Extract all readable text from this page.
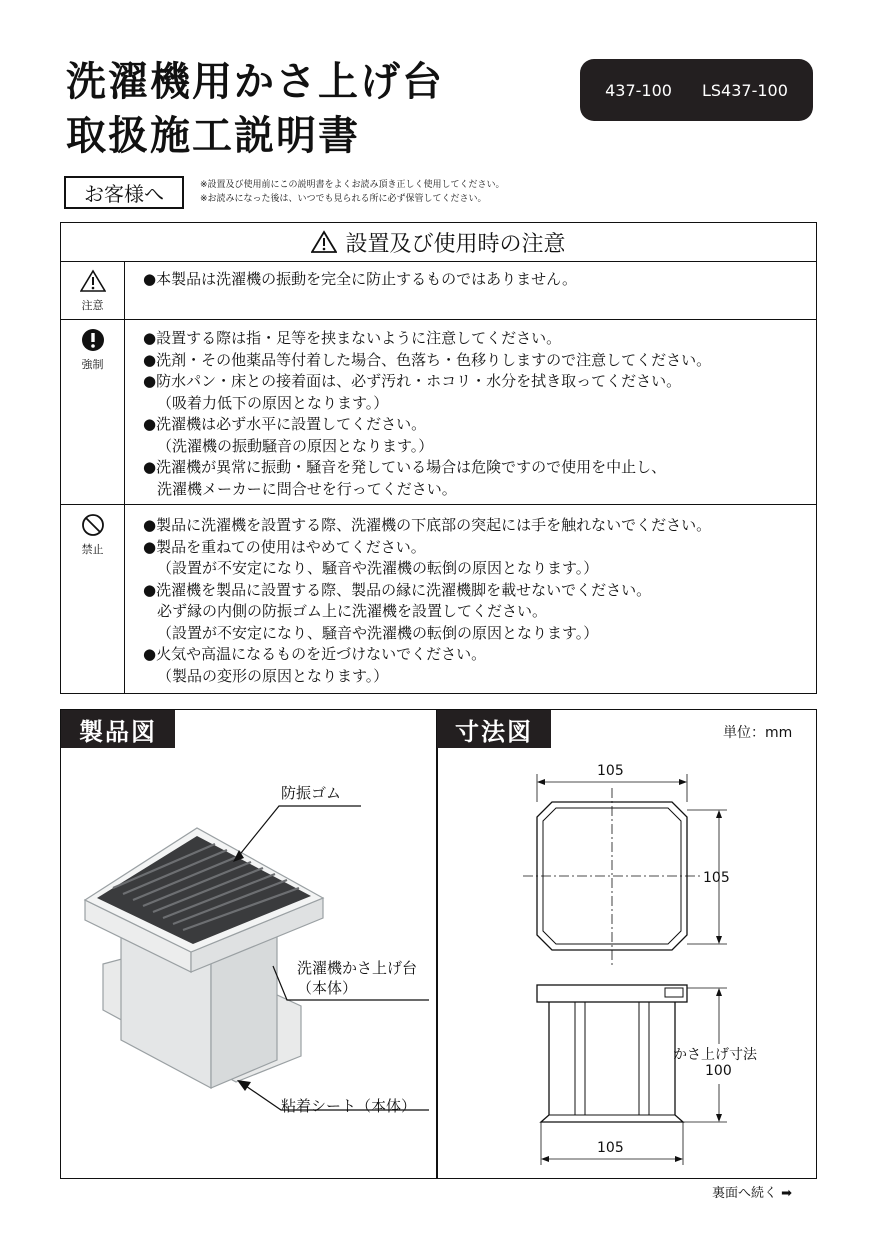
洗濯機用かさ上げ台
取扱施工説明書
437-100 LS437-100
お客様へ	※設置及び使用前にこの説明書をよくお読み頂き正しく使用してください。
※お読みになった後は、いつでも見られる所に必ず保管してください。
設置及び使用時の注意
注意
●本製品は洗濯機の振動を完全に防止するものではありません。
強制
●設置する際は指・足等を挟まないように注意してください。
●洗剤・その他薬品等付着した場合、色落ち・色移りしますので注意してください。
●防水パン・床との接着面は、必ず汚れ・ホコリ・水分を拭き取ってください。
（吸着力低下の原因となります。）
●洗濯機は必ず水平に設置してください。
（洗濯機の振動騒音の原因となります。）
●洗濯機が異常に振動・騒音を発している場合は危険ですので使用を中止し、
洗濯機メーカーに問合せを行ってください。
禁止
●製品に洗濯機を設置する際、洗濯機の下底部の突起には手を触れないでください。
●製品を重ねての使用はやめてください。
（設置が不安定になり、騒音や洗濯機の転倒の原因となります。）
●洗濯機を製品に設置する際、製品の縁に洗濯機脚を載せないでください。
必ず縁の内側の防振ゴム上に洗濯機を設置してください。
（設置が不安定になり、騒音や洗濯機の転倒の原因となります。）
●火気や高温になるものを近づけないでください。
（製品の変形の原因となります。）
製品図
防振ゴム
洗濯機かさ上げ台
（本体）
粘着シート（本体）
寸法図	単位：mm
105
105
かさ上げ寸法
100
105
裏面へ続く ➡
